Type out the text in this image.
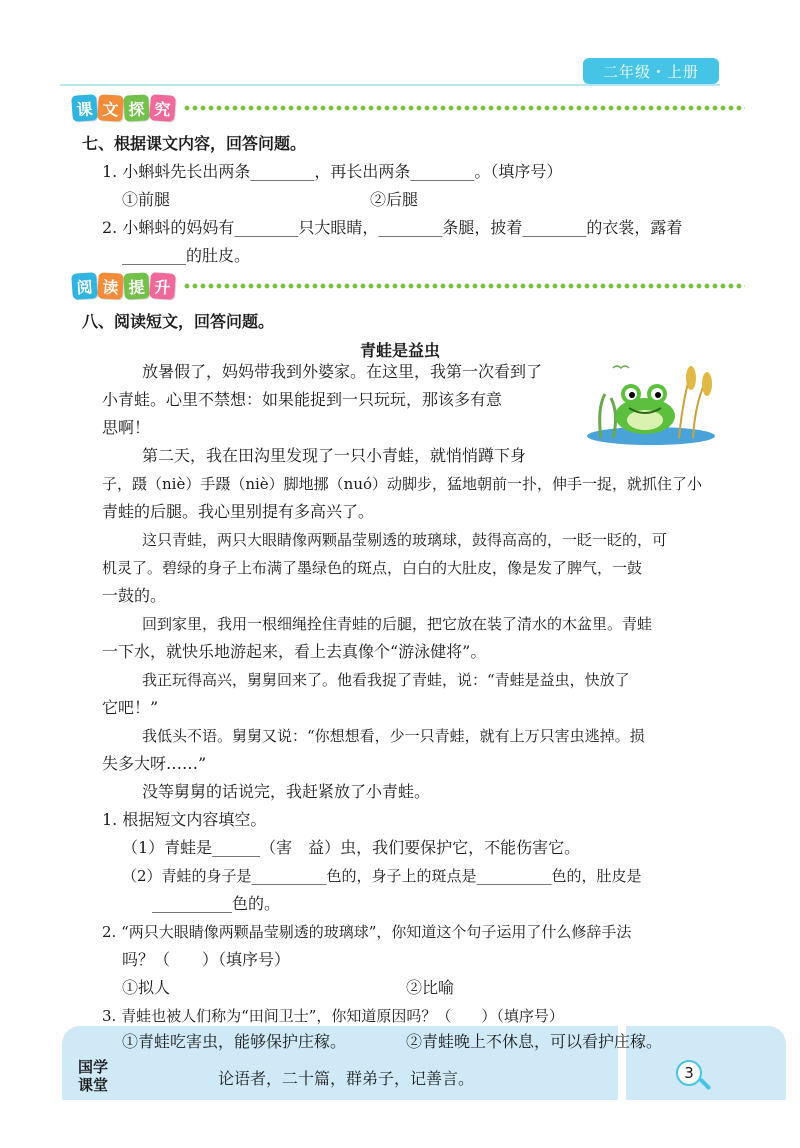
二年级・上册
课 文 探 究
七、根据课文内容，回答问题。
1. 小蝌蚪先长出两条________，再长出两条________。（填序号）
①前腿	②后腿
2. 小蝌蚪的妈妈有________只大眼睛，________条腿，披着________的衣裳，露着
________的肚皮。
阅 读 提 升
八、阅读短文，回答问题。
青蛙是益虫
放暑假了，妈妈带我到外婆家。在这里，我第一次看到了
小青蛙。心里不禁想：如果能捉到一只玩玩，那该多有意
思啊！
第二天，我在田沟里发现了一只小青蛙，就悄悄蹲下身
子，蹑（niè）手蹑（niè）脚地挪（nuó）动脚步，猛地朝前一扑，伸手一捉，就抓住了小
青蛙的后腿。我心里别提有多高兴了。
这只青蛙，两只大眼睛像两颗晶莹剔透的玻璃球，鼓得高高的，一眨一眨的，可
机灵了。碧绿的身子上布满了墨绿色的斑点，白白的大肚皮，像是发了脾气，一鼓
一鼓的。
回到家里，我用一根细绳拴住青蛙的后腿，把它放在装了清水的木盆里。青蛙
一下水，就快乐地游起来，看上去真像个“游泳健将”。
我正玩得高兴，舅舅回来了。他看我捉了青蛙，说：“青蛙是益虫，快放了
它吧！”
我低头不语。舅舅又说：“你想想看，少一只青蛙，就有上万只害虫逃掉。损
失多大呀……”
没等舅舅的话说完，我赶紧放了小青蛙。
1. 根据短文内容填空。
（1）青蛙是______（害　益）虫，我们要保护它，不能伤害它。
（2）青蛙的身子是__________色的，身子上的斑点是__________色的，肚皮是
__________色的。
2. “两只大眼睛像两颗晶莹剔透的玻璃球”，你知道这个句子运用了什么修辞手法
吗？（　　）（填序号）
①拟人	②比喻
3. 青蛙也被人们称为“田间卫士”，你知道原因吗？（　　）（填序号）
①青蛙吃害虫，能够保护庄稼。	②青蛙晚上不休息，可以看护庄稼。
国学
课堂	论语者，二十篇，群弟子，记善言。	3
